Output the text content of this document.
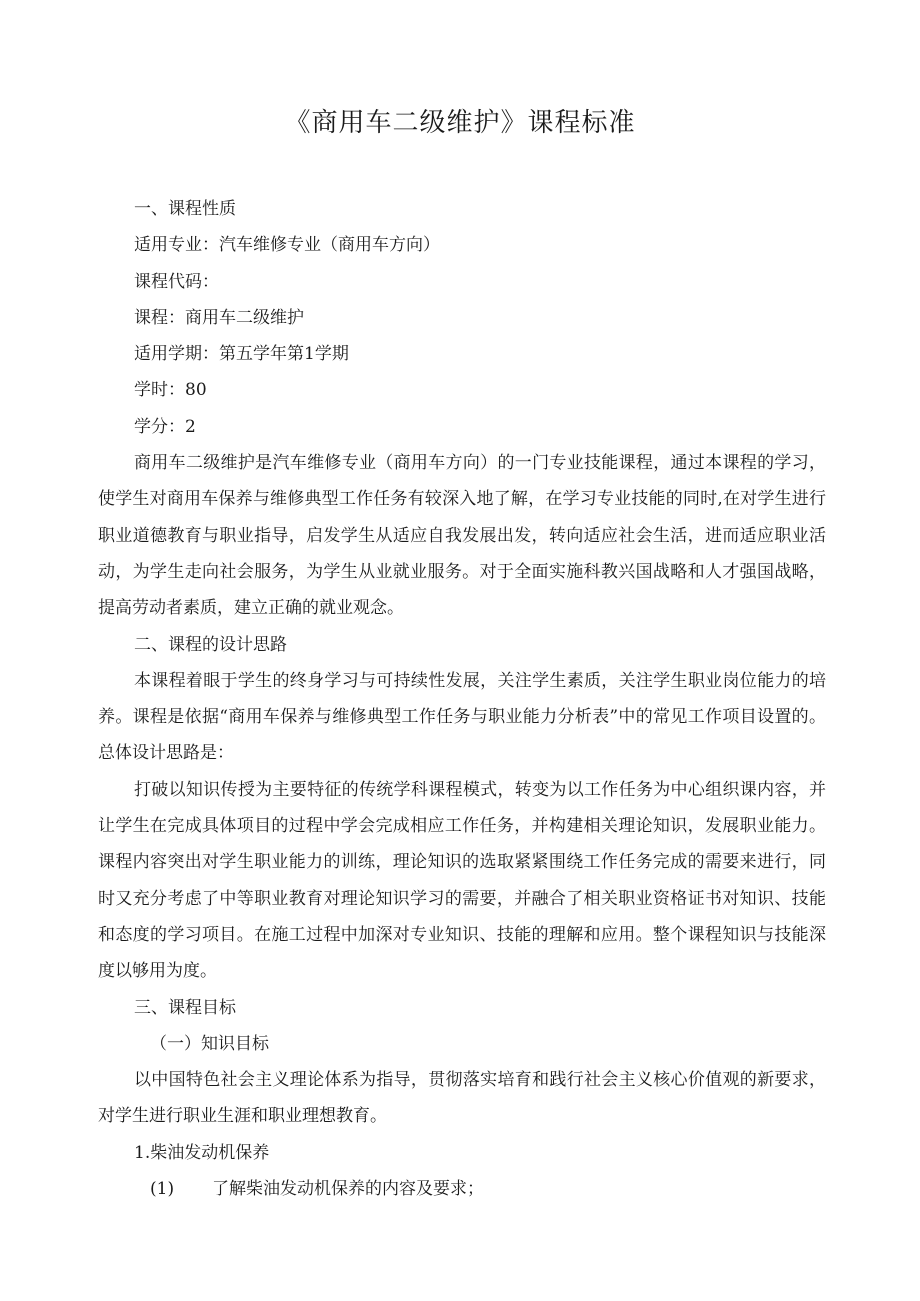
《商用车二级维护》课程标准

一、课程性质

适用专业：汽车维修专业（商用车方向）

课程代码：

课程：商用车二级维护

适用学期：第五学年第1学期

学时：80

学分：2

商用车二级维护是汽车维修专业（商用车方向）的一门专业技能课程，通过本课程的学习，使学生对商用车保养与维修典型工作任务有较深入地了解，在学习专业技能的同时,在对学生进行职业道德教育与职业指导，启发学生从适应自我发展出发，转向适应社会生活，进而适应职业活动，为学生走向社会服务，为学生从业就业服务。对于全面实施科教兴国战略和人才强国战略，提高劳动者素质，建立正确的就业观念。

二、课程的设计思路

本课程着眼于学生的终身学习与可持续性发展，关注学生素质，关注学生职业岗位能力的培养。课程是依据“商用车保养与维修典型工作任务与职业能力分析表”中的常见工作项目设置的。总体设计思路是：

打破以知识传授为主要特征的传统学科课程模式，转变为以工作任务为中心组织课内容，并让学生在完成具体项目的过程中学会完成相应工作任务，并构建相关理论知识，发展职业能力。课程内容突出对学生职业能力的训练，理论知识的选取紧紧围绕工作任务完成的需要来进行，同时又充分考虑了中等职业教育对理论知识学习的需要，并融合了相关职业资格证书对知识、技能和态度的学习项目。在施工过程中加深对专业知识、技能的理解和应用。整个课程知识与技能深度以够用为度。

三、课程目标

（一）知识目标

以中国特色社会主义理论体系为指导，贯彻落实培育和践行社会主义核心价值观的新要求，对学生进行职业生涯和职业理想教育。

1.柴油发动机保养

(1) 了解柴油发动机保养的内容及要求；
